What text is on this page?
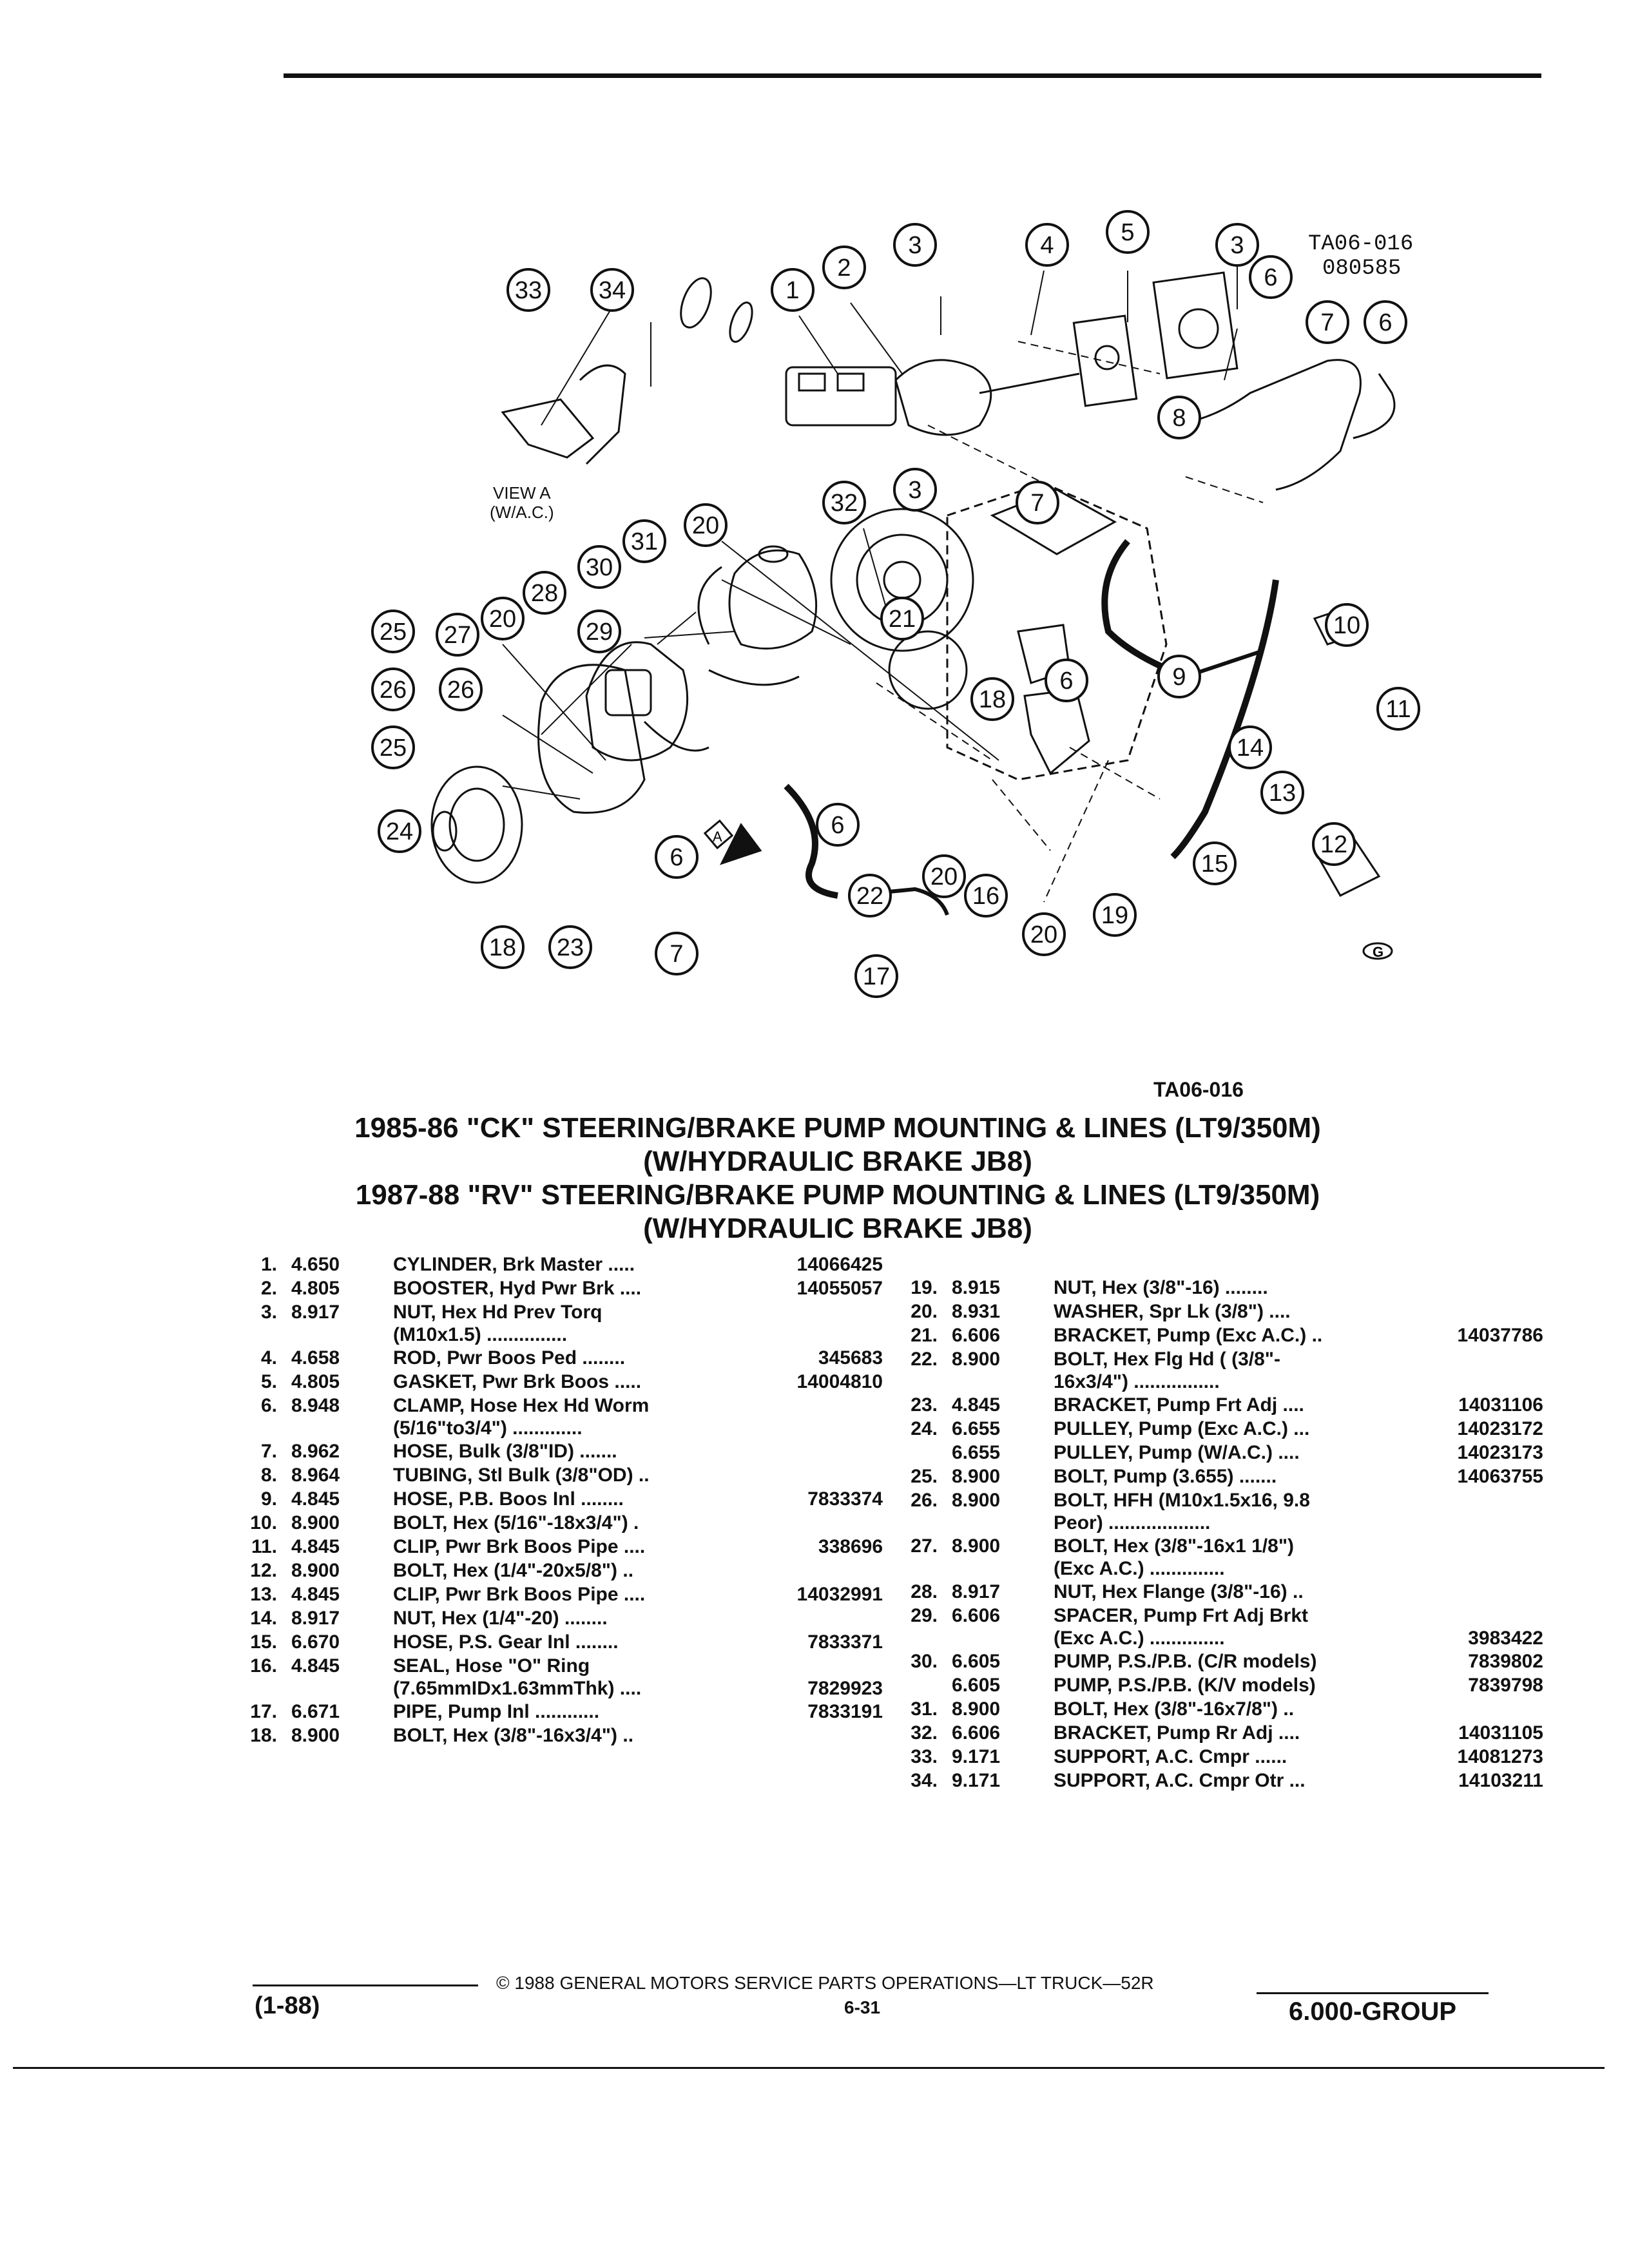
A
G
1
2
3	3
3
4	5
6
6
6
6
6
7
7
7
8
9
10
11
12
13
14
15
16
17
18
18
19
20
20
20
20
21
22
23
24
25
25
26 26
27
28
29
30
31
32
33 34
TA06-016
080585
VIEW A
(W/A.C.)
TA06-016
1985-86 "CK" STEERING/BRAKE PUMP MOUNTING & LINES (LT9/350M)
(W/HYDRAULIC BRAKE JB8)
1987-88 "RV" STEERING/BRAKE PUMP MOUNTING & LINES (LT9/350M)
(W/HYDRAULIC BRAKE JB8)
1. 4.650	CYLINDER, Brk Master .....	14066425
2. 4.805	BOOSTER, Hyd Pwr Brk ....	14055057
3. 8.917	NUT, Hex Hd Prev Torq
(M10x1.5) ...............
4. 4.658	ROD, Pwr Boos Ped ........	345683
5. 4.805	GASKET, Pwr Brk Boos .....	14004810
6. 8.948	CLAMP, Hose Hex Hd Worm
(5/16"to3/4") .............
7. 8.962	HOSE, Bulk (3/8"ID) .......
8. 8.964	TUBING, Stl Bulk (3/8"OD) ..
9. 4.845	HOSE, P.B. Boos Inl ........	7833374
10. 8.900	BOLT, Hex (5/16"-18x3/4") .
11. 4.845	CLIP, Pwr Brk Boos Pipe ....	338696
12. 8.900	BOLT, Hex (1/4"-20x5/8") ..
13. 4.845	CLIP, Pwr Brk Boos Pipe ....	14032991
14. 8.917	NUT, Hex (1/4"-20) ........
15. 6.670	HOSE, P.S. Gear Inl ........	7833371
16. 4.845	SEAL, Hose "O" Ring
(7.65mmIDx1.63mmThk) ....	7829923
17. 6.671	PIPE, Pump Inl ............	7833191
18. 8.900	BOLT, Hex (3/8"-16x3/4") ..
19. 8.915	NUT, Hex (3/8"-16) ........
20. 8.931	WASHER, Spr Lk (3/8") ....
21. 6.606	BRACKET, Pump (Exc A.C.) ..	14037786
22. 8.900	BOLT, Hex Flg Hd ( (3/8"-
16x3/4") ................
23. 4.845	BRACKET, Pump Frt Adj ....	14031106
24. 6.655	PULLEY, Pump (Exc A.C.) ...	14023172
6.655	PULLEY, Pump (W/A.C.) ....	14023173
25. 8.900	BOLT, Pump (3.655) .......	14063755
26. 8.900	BOLT, HFH (M10x1.5x16, 9.8
Peor) ...................
27. 8.900	BOLT, Hex (3/8"-16x1 1/8")
(Exc A.C.) ..............
28. 8.917	NUT, Hex Flange (3/8"-16) ..
29. 6.606	SPACER, Pump Frt Adj Brkt
(Exc A.C.) ..............	3983422
30. 6.605	PUMP, P.S./P.B. (C/R models)	7839802
6.605	PUMP, P.S./P.B. (K/V models)	7839798
31. 8.900	BOLT, Hex (3/8"-16x7/8") ..
32. 6.606	BRACKET, Pump Rr Adj ....	14031105
33. 9.171	SUPPORT, A.C. Cmpr ......	14081273
34. 9.171	SUPPORT, A.C. Cmpr Otr ...	14103211
(1-88)
© 1988 GENERAL MOTORS SERVICE PARTS OPERATIONS—LT TRUCK—52R
6-31	6.000-GROUP
